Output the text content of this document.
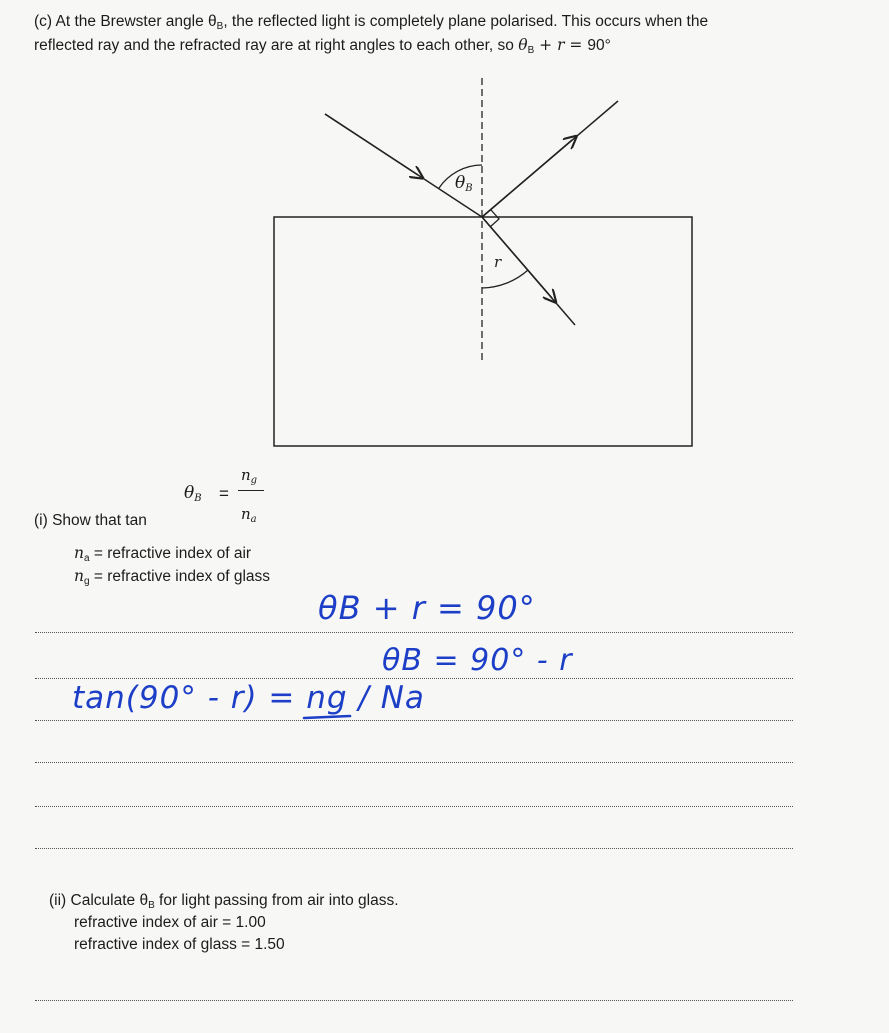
(c) At the Brewster angle $\theta_B$, the reflected light is completely plane polarised. This occurs when the
reflected ray and the refracted ray are at right angles to each other, so $\theta_B + r = 90^\circ$
$\theta_B$
r
(i) Show that tan
$\theta_B$ =
$n_g$
$n_a$
$n_a$ = refractive index of air
$n_g$ = refractive index of glass
θB + r = 90°
θB = 90° - r
tan(90° - r) = ng / Na
(ii) Calculate $\theta_B$ for light passing from air into glass.
refractive index of air = 1.00
refractive index of glass = 1.50
